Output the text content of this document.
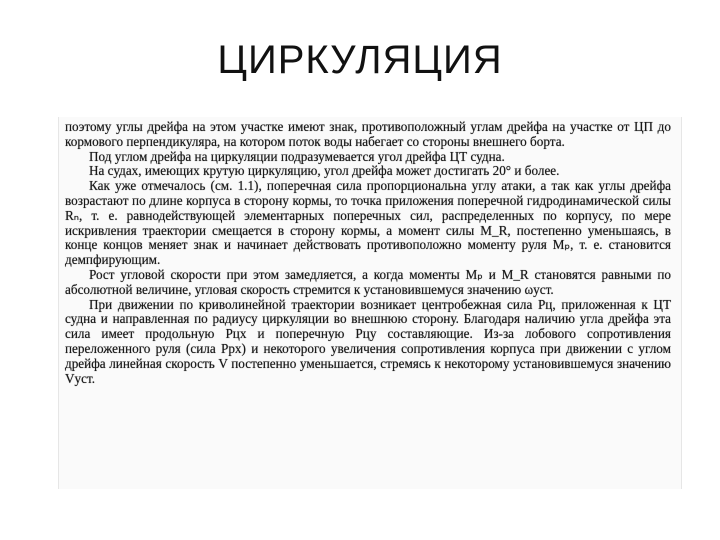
ЦИРКУЛЯЦИЯ

поэтому углы дрейфа на этом участке имеют знак, противоположный углам дрейфа на участке от ЦП до кормового перпендикуляра, на котором поток воды набегает со стороны внешнего борта.

Под углом дрейфа на циркуляции подразумевается угол дрейфа ЦТ судна.

На судах, имеющих крутую циркуляцию, угол дрейфа может достигать 20° и более.

Как уже отмечалось (см. 1.1), поперечная сила пропорциональна углу атаки, а так как углы дрейфа возрастают по длине корпуса в сторону кормы, то точка приложения поперечной гидродинамической силы Rₙ, т. е. равнодействующей элементарных поперечных сил, распределенных по корпусу, по мере искривления траектории смещается в сторону кормы, а момент силы M_R, постепенно уменьшаясь, в конце концов меняет знак и начинает действовать противоположно моменту руля Mₚ, т. е. становится демпфирующим.

Рост угловой скорости при этом замедляется, а когда моменты Mₚ и M_R становятся равными по абсолютной величине, угловая скорость стремится к установившемуся значению ωуст.

При движении по криволинейной траектории возникает центробежная сила Pц, приложенная к ЦТ судна и направленная по радиусу циркуляции во внешнюю сторону. Благодаря наличию угла дрейфа эта сила имеет продольную Pцх и поперечную Pцу составляющие. Из-за лобового сопротивления переложенного руля (сила Pрх) и некоторого увеличения сопротивления корпуса при движении с углом дрейфа линейная скорость V постепенно уменьшается, стремясь к некоторому установившемуся значению Vуст.
